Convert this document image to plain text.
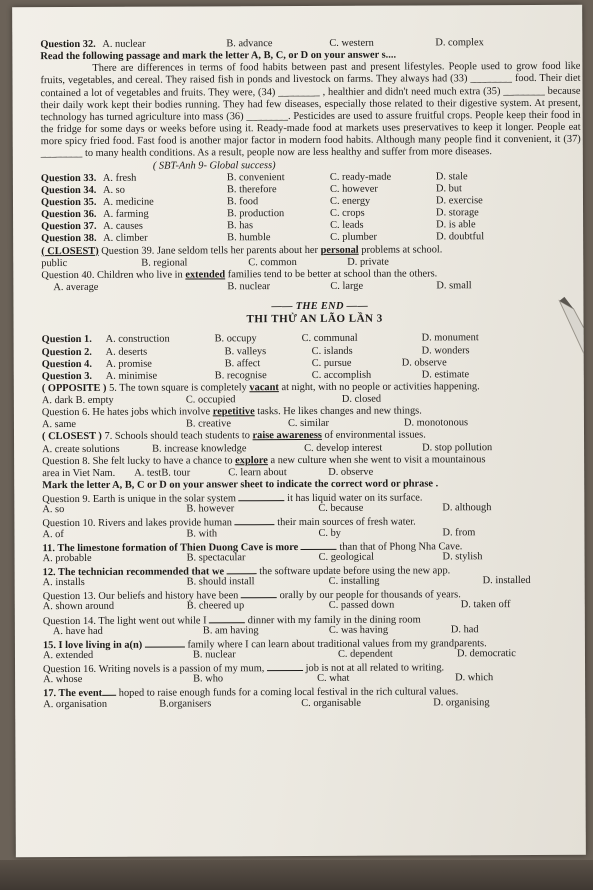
Question 32. A. nuclear	B. advance	C. western	D. complex
Read the following passage and mark the letter A, B, C, or D on your answer s....
There are differences in terms of food habits between past and present lifestyles. People used to grow food like fruits, vegetables, and cereal. They raised fish in ponds and livestock on farms. They always had (33) ________ food. Their diet contained a lot of vegetables and fruits. They were, (34) ________ , healthier and didn't need much extra (35) ________ because their daily work kept their bodies running. They had few diseases, especially those related to their digestive system. At present, technology has turned agriculture into mass (36) ________. Pesticides are used to assure fruitful crops. People keep their food in the fridge for some days or weeks before using it. Ready-made food at markets uses preservatives to keep it longer. People eat more spicy fried food. Fast food is another major factor in modern food habits. Although many people find it convenient, it (37) ________ to many health conditions. As a result, people now are less healthy and suffer from more diseases.
( SBT-Anh 9- Global success)
Question 33. A. fresh	B. convenient	C. ready-made	D. stale
Question 34. A. so	B. therefore	C. however	D. but
Question 35. A. medicine	B. food	C. energy	D. exercise
Question 36. A. farming	B. production	C. crops	D. storage
Question 37. A. causes	B. has	C. leads	D. is able
Question 38. A. climber	B. humble	C. plumber	D. doubtful
( CLOSEST) Question 39. Jane seldom tells her parents about her personal problems at school.
public	B. regional	C. common	D. private
Question 40. Children who live in extended families tend to be better at school than the others.
A. average	B. nuclear	C. large	D. small
—— THE END ——
THI THỬ AN LÃO LẦN 3
Question 1. A. construction	B. occupy	C. communal	D. monument
Question 2. A. deserts	B. valleys	C. islands	D. wonders
Question 4. A. promise	B. affect	C. pursue	D. observe
Question 3. A. minimise	B. recognise	C. accomplish	D. estimate
( OPPOSITE ) 5. The town square is completely vacant at night, with no people or activities happening.
A. dark B. empty	C. occupied	D. closed
Question 6. He hates jobs which involve repetitive tasks. He likes changes and new things.
A. same	B. creative	C. similar	D. monotonous
( CLOSEST ) 7. Schools should teach students to raise awareness of environmental issues.
A. create solutions	B. increase knowledge	C. develop interest	D. stop pollution
Question 8. She felt lucky to have a chance to explore a new culture when she went to visit a mountainous
area in Viet Nam. A. testB. tour	C. learn about	D. observe
Mark the letter A, B, C or D on your answer sheet to indicate the correct word or phrase .
Question 9. Earth is unique in the solar system	it has liquid water on its surface.
A. so	B. however	C. because	D. although
Question 10. Rivers and lakes provide human	their main sources of fresh water.
A. of	B. with	C. by	D. from
11. The limestone formation of Thien Duong Cave is more	than that of Phong Nha Cave.
A. probable	B. spectacular	C. geological	D. stylish
12. The technician recommended that we	the software update before using the new app.
A. installs	B. should install	C. installing	D. installed
Question 13. Our beliefs and history have been	orally by our people for thousands of years.
A. shown around	B. cheered up	C. passed down	D. taken off
Question 14. The light went out while I	dinner with my family in the dining room
A. have had	B. am having	C. was having	D. had
15. I love living in a(n)	family where I can learn about traditional values from my grandparents.
A. extended	B. nuclear	C. dependent	D. democratic
Question 16. Writing novels is a passion of my mum,	job is not at all related to writing.
A. whose	B. who	C. what	D. which
17. The event hoped to raise enough funds for a coming local festival in the rich cultural values.
A. organisation	B.organisers	C. organisable	D. organising
